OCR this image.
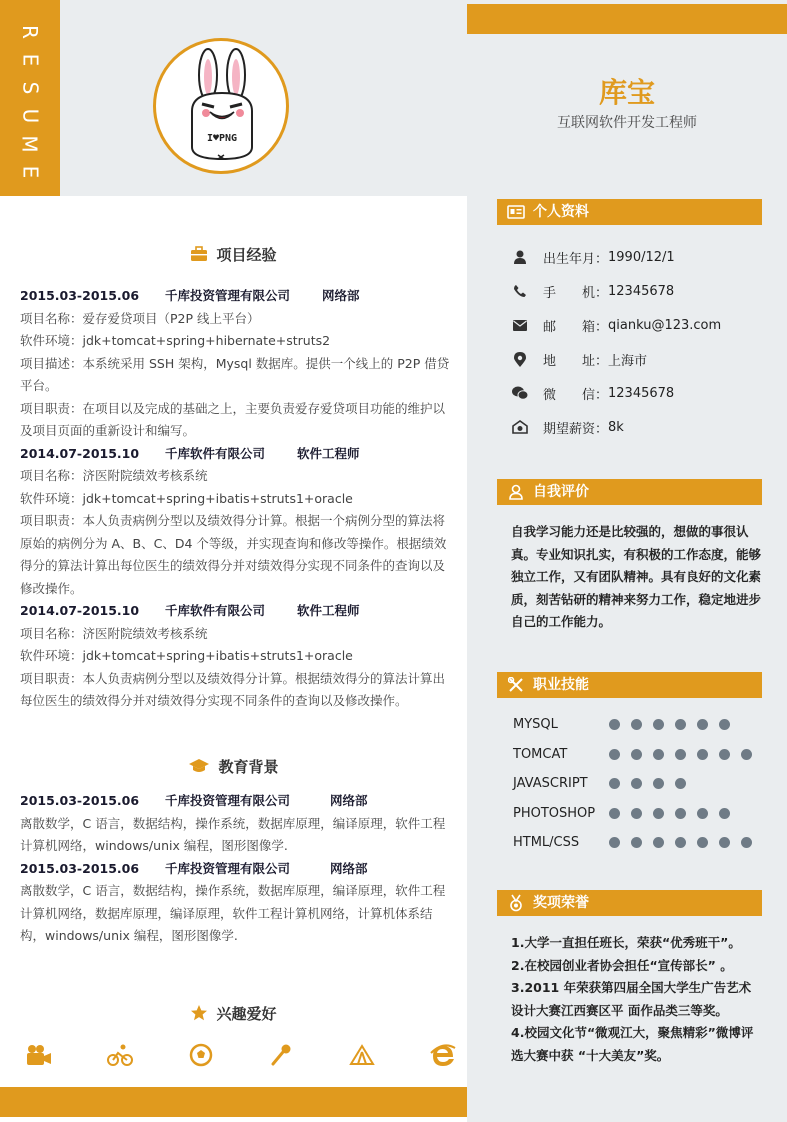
R
E
S
U
M
E
I♥PNG
库宝
互联网软件开发工程师
项目经验
2015.03-2015.06	千库投资管理有限公司	网络部

项目名称：爱存爱贷项目（P2P 线上平台）

软件环境：jdk+tomcat+spring+hibernate+struts2

项目描述：本系统采用 SSH 架构，Mysql 数据库。提供一个线上的 P2P 借贷平台。

项目职责：在项目以及完成的基础之上，主要负责爱存爱贷项目功能的维护以及项目页面的重新设计和编写。

2014.07-2015.10	千库软件有限公司	软件工程师

项目名称：济医附院绩效考核系统

软件环境：jdk+tomcat+spring+ibatis+struts1+oracle

项目职责：本人负责病例分型以及绩效得分计算。根据一个病例分型的算法将原始的病例分为 A、B、C、D4 个等级，并实现查询和修改等操作。根据绩效得分的算法计算出每位医生的绩效得分并对绩效得分实现不同条件的查询以及修改操作。

2014.07-2015.10	千库软件有限公司	软件工程师

项目名称：济医附院绩效考核系统

软件环境：jdk+tomcat+spring+ibatis+struts1+oracle

项目职责：本人负责病例分型以及绩效得分计算。根据绩效得分的算法计算出每位医生的绩效得分并对绩效得分实现不同条件的查询以及修改操作。

教育背景
2015.03-2015.06	千库投资管理有限公司	网络部

离散数学，C 语言，数据结构，操作系统，数据库原理，编译原理，软件工程计算机网络，windows/unix 编程，图形图像学.

2015.03-2015.06	千库投资管理有限公司	网络部

离散数学，C 语言，数据结构，操作系统，数据库原理，编译原理，软件工程计算机网络，数据库原理，编译原理，软件工程计算机网络，计算机体系结构，windows/unix 编程，图形图像学.

兴趣爱好
个人资料
出生年月： 1990/12/1
手　　机： 12345678
邮　　箱： qianku@123.com
地　　址： 上海市
微　　信： 12345678
期望薪资： 8k
自我评价
自我学习能力还是比较强的，想做的事很认真。专业知识扎实，有积极的工作态度，能够独立工作，又有团队精神。具有良好的文化素质，刻苦钻研的精神来努力工作，稳定地进步自己的工作能力。
职业技能
MYSQL
TOMCAT
JAVASCRIPT
PHOTOSHOP
HTML/CSS
奖项荣誉
1.大学一直担任班长，荣获“优秀班干”。
2.在校园创业者协会担任“宣传部长” 。
3.2011 年荣获第四届全国大学生广告艺术设计大赛江西赛区平 面作品类三等奖。
4.校园文化节“微观江大，聚焦精彩”微博评选大赛中获 “十大美友”奖。
